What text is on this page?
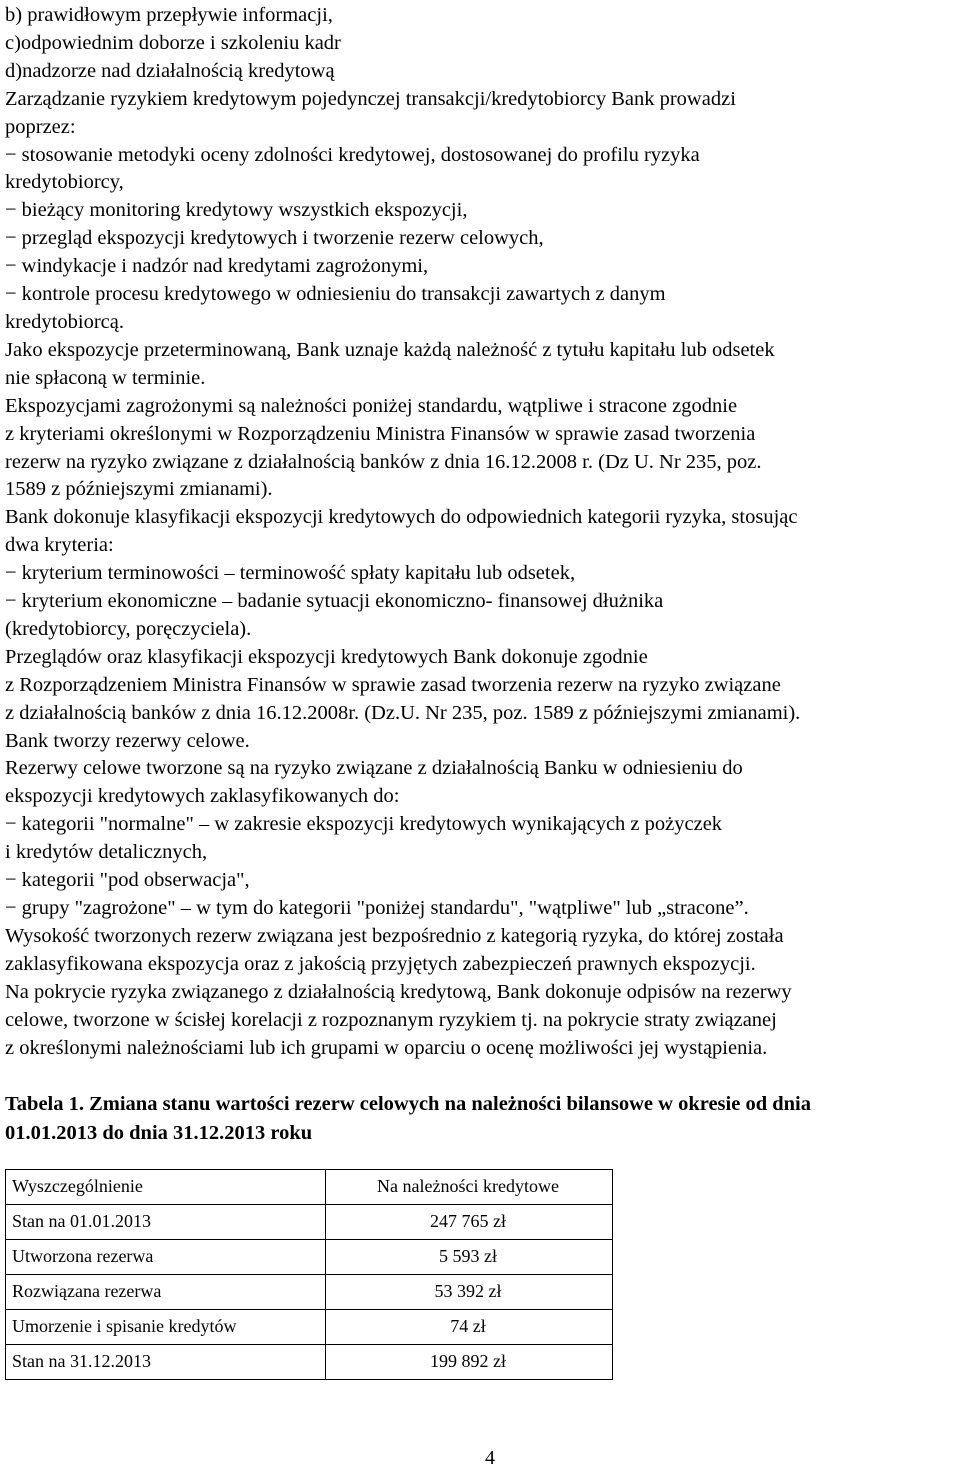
b) prawidłowym przepływie informacji,
c)odpowiednim doborze i szkoleniu kadr
d)nadzorze nad działalnością kredytową
Zarządzanie ryzykiem kredytowym pojedynczej transakcji/kredytobiorcy Bank prowadzi
poprzez:
− stosowanie metodyki oceny zdolności kredytowej, dostosowanej do profilu ryzyka
kredytobiorcy,
− bieżący monitoring kredytowy wszystkich ekspozycji,
− przegląd ekspozycji kredytowych i tworzenie rezerw celowych,
− windykacje i nadzór nad kredytami zagrożonymi,
− kontrole procesu kredytowego w odniesieniu do transakcji zawartych z danym
kredytobiorcą.
Jako ekspozycje przeterminowaną, Bank uznaje każdą należność z tytułu kapitału lub odsetek
nie spłaconą w terminie.
Ekspozycjami zagrożonymi są należności poniżej standardu, wątpliwe i stracone zgodnie
z kryteriami określonymi w Rozporządzeniu Ministra Finansów w sprawie zasad tworzenia
rezerw na ryzyko związane z działalnością banków z dnia 16.12.2008 r. (Dz U. Nr 235, poz.
1589 z późniejszymi zmianami).
Bank dokonuje klasyfikacji ekspozycji kredytowych do odpowiednich kategorii ryzyka, stosując
dwa kryteria:
− kryterium terminowości – terminowość spłaty kapitału lub odsetek,
− kryterium ekonomiczne – badanie sytuacji ekonomiczno- finansowej dłużnika
(kredytobiorcy, poręczyciela).
Przeglądów oraz klasyfikacji ekspozycji kredytowych Bank dokonuje zgodnie
z Rozporządzeniem Ministra Finansów w sprawie zasad tworzenia rezerw na ryzyko związane
z działalnością banków z dnia 16.12.2008r. (Dz.U. Nr 235, poz. 1589 z późniejszymi zmianami).
Bank tworzy rezerwy celowe.
Rezerwy celowe tworzone są na ryzyko związane z działalnością Banku w odniesieniu do
ekspozycji kredytowych zaklasyfikowanych do:
− kategorii "normalne" – w zakresie ekspozycji kredytowych wynikających z pożyczek
i kredytów detalicznych,
− kategorii "pod obserwacja",
− grupy "zagrożone" – w tym do kategorii "poniżej standardu", "wątpliwe" lub „stracone”.
Wysokość tworzonych rezerw związana jest bezpośrednio z kategorią ryzyka, do której została
zaklasyfikowana ekspozycja oraz z jakością przyjętych zabezpieczeń prawnych ekspozycji.
Na pokrycie ryzyka związanego z działalnością kredytową, Bank dokonuje odpisów na rezerwy
celowe, tworzone w ścisłej korelacji z rozpoznanym ryzykiem tj. na pokrycie straty związanej
z określonymi należnościami lub ich grupami w oparciu o ocenę możliwości jej wystąpienia.
Tabela 1. Zmiana stanu wartości rezerw celowych na należności bilansowe w okresie od dnia
01.01.2013 do dnia 31.12.2013 roku
Wyszczególnienie	Na należności kredytowe
Stan na 01.01.2013	247 765 zł
Utworzona rezerwa	5 593 zł
Rozwiązana rezerwa	53 392 zł
Umorzenie i spisanie kredytów	74 zł
Stan na 31.12.2013	199 892 zł
4
